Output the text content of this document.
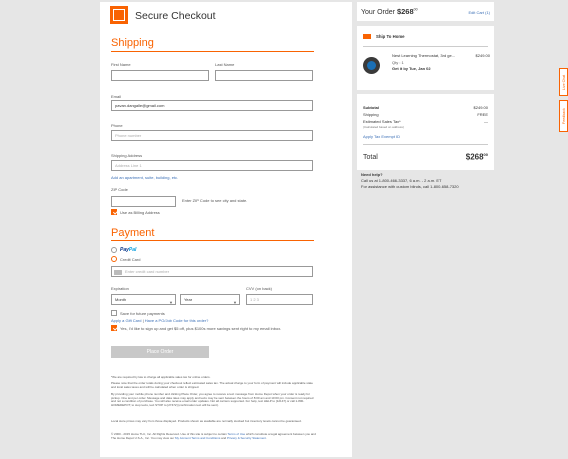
Secure Checkout
Shipping
First Name	Last Name
Email
pavan.dangalle@gmail.com
Phone
Phone number
Shipping Address
Address Line 1
Add an apartment, suite, building, etc.
ZIP Code
Enter ZIP Code to see city and state.
Use as Billing Address
Payment
PayPal
Credit Card
Enter credit card number
Expiration
Month
▼
Year
▼
CVV (on back)
1 2 3
Save for future payments
Apply a Gift Card | Have a PO/Job Code for this order?
Yes, I'd like to sign up and get $5 off, plus $100s more savings sent right to my email inbox.
Place Order
*We are required by law to charge all applicable sales tax for online orders.
Please note that the order totals during your checkout reflect estimated sales tax. The actual charge to your form of payment will include applicable state and local sales taxes and will be calculated when order is shipped.
By providing your mobile phone number and clicking Place Order, you agree to receive a text message from Home Depot when your order is ready for pickup. One text per order. Message and data rates may apply and texts may be sent between the hours of 8:00 am and 10:00 pm. Consent not required and not a condition of purchase. You will also receive email order updates. Not all carriers supported. For help, text HELP to [12147] or call 1-800-HOMEDEPOT; to stop texts, text STOP to [27472] (confirmation text will be sent).
Local store prices may vary from those displayed. Products shown as available are normally stocked but inventory levels cannot be guaranteed.
© 2000 - 2015 Home TLC, Inc. All Rights Reserved. Use of this site is subject to certain Terms of Use which constitute a legal agreement between you and The Home Depot U.S.A., Inc. You may view our My Account Terms and Conditions and Privacy & Security Statement.
Your Order $\$268^{00}$
Edit Cart (1)
Ship To Home
Nest Learning Thermostat, 3rd ge...	$249.00
Qty : 1
Get it by Tue, Jan 02
Subtotal	$249.00
Shipping	FREE
Estimated Sales Tax*	—
(Calculated based on address)
Apply Tax Exempt ID
Total	$\$268^{00}$
Need help?
Call us at 1-800-466-3337, 6 a.m. - 2 a.m. ET
For assistance with custom blinds, call 1-800-658-7320
Live Chat
Feedback
